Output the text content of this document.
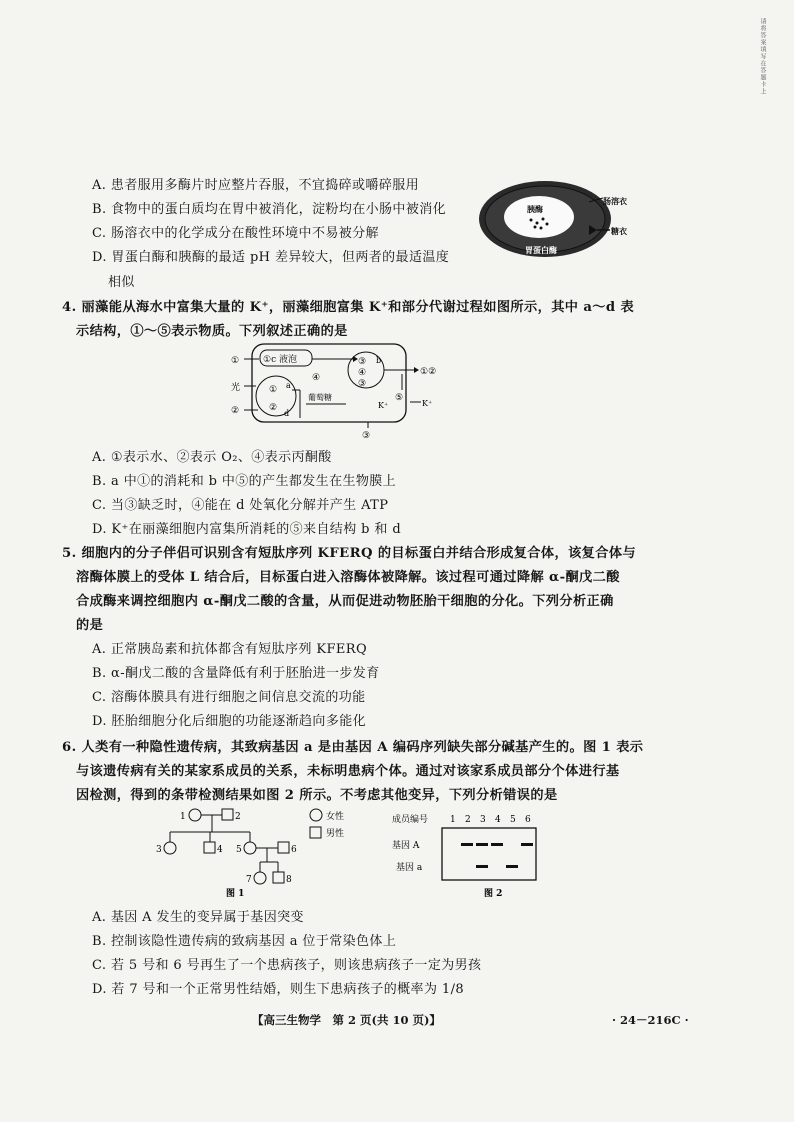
请将答案填写在答题卡上
A. 患者服用多酶片时应整片吞服，不宜捣碎或嚼碎服用
B. 食物中的蛋白质均在胃中被消化，淀粉均在小肠中被消化
C. 肠溶衣中的化学成分在酸性环境中不易被分解
D. 胃蛋白酶和胰酶的最适 pH 差异较大，但两者的最适温度
相似
胰酶
胃蛋白酶
肠溶衣
糖衣
4. 丽藻能从海水中富集大量的 K⁺，丽藻细胞富集 K⁺和部分代谢过程如图所示，其中 a～d 表
示结构，①～⑤表示物质。下列叙述正确的是
①c 液泡
①
光	① a
②
②	d
葡萄糖
④
③
④
③
b
①②
⑤
K⁺	K⁺
③
A. ①表示水、②表示 O₂、④表示丙酮酸
B. a 中①的消耗和 b 中⑤的产生都发生在生物膜上
C. 当③缺乏时，④能在 d 处氧化分解并产生 ATP
D. K⁺在丽藻细胞内富集所消耗的⑤来自结构 b 和 d
5. 细胞内的分子伴侣可识别含有短肽序列 KFERQ 的目标蛋白并结合形成复合体，该复合体与
溶酶体膜上的受体 L 结合后，目标蛋白进入溶酶体被降解。该过程可通过降解 α-酮戊二酸
合成酶来调控细胞内 α-酮戊二酸的含量，从而促进动物胚胎干细胞的分化。下列分析正确
的是
A. 正常胰岛素和抗体都含有短肽序列 KFERQ
B. α-酮戊二酸的含量降低有利于胚胎进一步发育
C. 溶酶体膜具有进行细胞之间信息交流的功能
D. 胚胎细胞分化后细胞的功能逐渐趋向多能化
6. 人类有一种隐性遗传病，其致病基因 a 是由基因 A 编码序列缺失部分碱基产生的。图 1 表示
与该遗传病有关的某家系成员的关系，未标明患病个体。通过对该家系成员部分个体进行基
因检测，得到的条带检测结果如图 2 所示。不考虑其他变异，下列分析错误的是
1	2
3	4 5	6
7	8
图 1
女性
男性
成员编号 1 2 3 4 5 6
基因 A
基因 a
图 2
A. 基因 A 发生的变异属于基因突变
B. 控制该隐性遗传病的致病基因 a 位于常染色体上
C. 若 5 号和 6 号再生了一个患病孩子，则该患病孩子一定为男孩
D. 若 7 号和一个正常男性结婚，则生下患病孩子的概率为 1/8
【高三生物学　第 2 页(共 10 页)】	· 24－216C ·
